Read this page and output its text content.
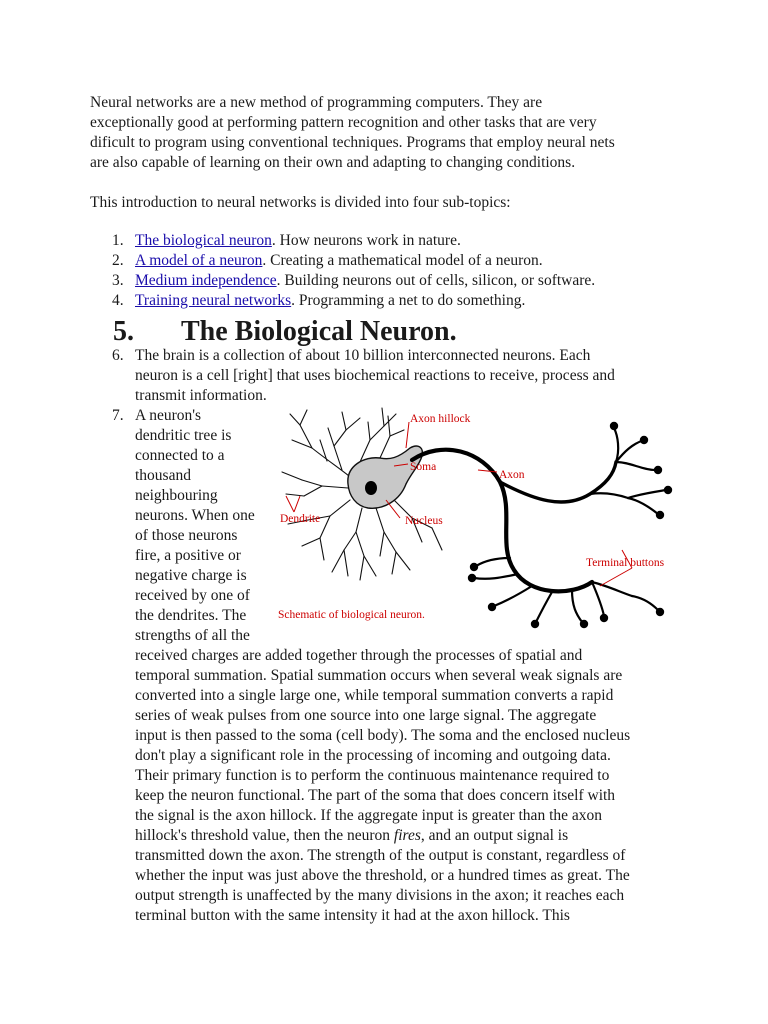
Neural networks are a new method of programming computers. They are
exceptionally good at performing pattern recognition and other tasks that are very
dificult to program using conventional techniques. Programs that employ neural nets
are also capable of learning on their own and adapting to changing conditions.
This introduction to neural networks is divided into four sub-topics:
1. The biological neuron. How neurons work in nature.
2. A model of a neuron. Creating a mathematical model of a neuron.
3. Medium independence. Building neurons out of cells, silicon, or software.
4. Training neural networks. Programming a net to do something.
5. The Biological Neuron.
6. The brain is a collection of about 10 billion interconnected neurons. Each
neuron is a cell [right] that uses biochemical reactions to receive, process and
transmit information.
7. A neuron's
dendritic tree is
connected to a
thousand
neighbouring
neurons. When one
of those neurons
fire, a positive or
negative charge is
received by one of
the dendrites. The
strengths of all the
received charges are added together through the processes of spatial and
temporal summation. Spatial summation occurs when several weak signals are
converted into a single large one, while temporal summation converts a rapid
series of weak pulses from one source into one large signal. The aggregate
input is then passed to the soma (cell body). The soma and the enclosed nucleus
don't play a significant role in the processing of incoming and outgoing data.
Their primary function is to perform the continuous maintenance required to
keep the neuron functional. The part of the soma that does concern itself with
the signal is the axon hillock. If the aggregate input is greater than the axon
hillock's threshold value, then the neuron fires, and an output signal is
transmitted down the axon. The strength of the output is constant, regardless of
whether the input was just above the threshold, or a hundred times as great. The
output strength is unaffected by the many divisions in the axon; it reaches each
terminal button with the same intensity it had at the axon hillock. This
Axon hillock
Soma
Axon
Dendrite	Nucleus
Terminal buttons
Schematic of biological neuron.
